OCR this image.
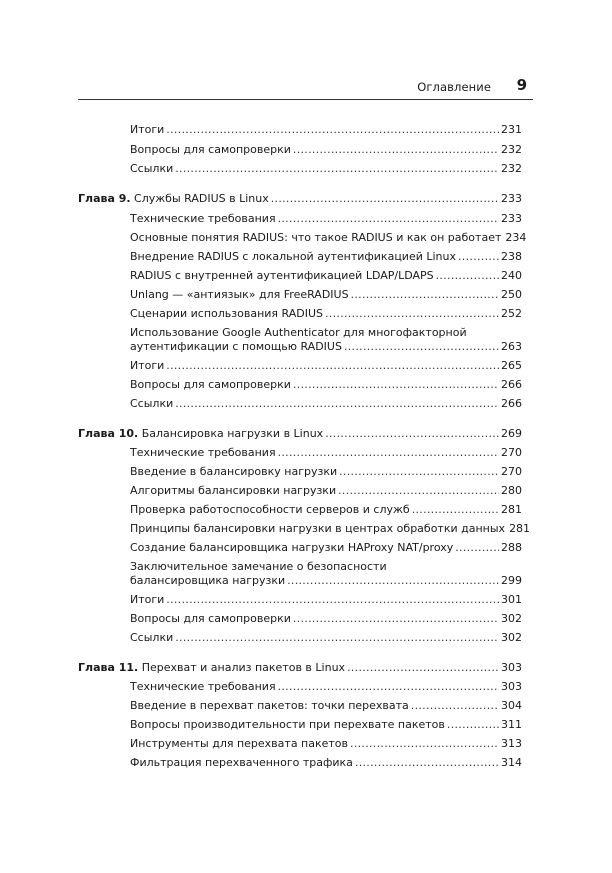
Оглавление 9
Итоги .....	231
Вопросы для самопроверки .....	232
Ссылки .....	232
Глава 9. Службы RADIUS в Linux .....	233
Технические требования .....	233
Основные понятия RADIUS: что такое RADIUS и как он работает 234
Внедрение RADIUS с локальной аутентификацией Linux .....	238
RADIUS с внутренней аутентификацией LDAP/LDAPS .....	240
Unlang — «антиязык» для FreeRADIUS .....	250
Сценарии использования RADIUS .....	252
Использование Google Authenticator для многофакторной
аутентификации с помощью RADIUS .....	263
Итоги .....	265
Вопросы для самопроверки .....	266
Ссылки .....	266
Глава 10. Балансировка нагрузки в Linux .....	269
Технические требования .....	270
Введение в балансировку нагрузки .....	270
Алгоритмы балансировки нагрузки .....	280
Проверка работоспособности серверов и служб .....	281
Принципы балансировки нагрузки в центрах обработки данных 281
Создание балансировщика нагрузки HAProxy NAT/proxy .....	288
Заключительное замечание о безопасности
балансировщика нагрузки .....	299
Итоги .....	301
Вопросы для самопроверки .....	302
Ссылки .....	302
Глава 11. Перехват и анализ пакетов в Linux .....	303
Технические требования .....	303
Введение в перехват пакетов: точки перехвата .....	304
Вопросы производительности при перехвате пакетов .....	311
Инструменты для перехвата пакетов .....	313
Фильтрация перехваченного трафика .....	314
